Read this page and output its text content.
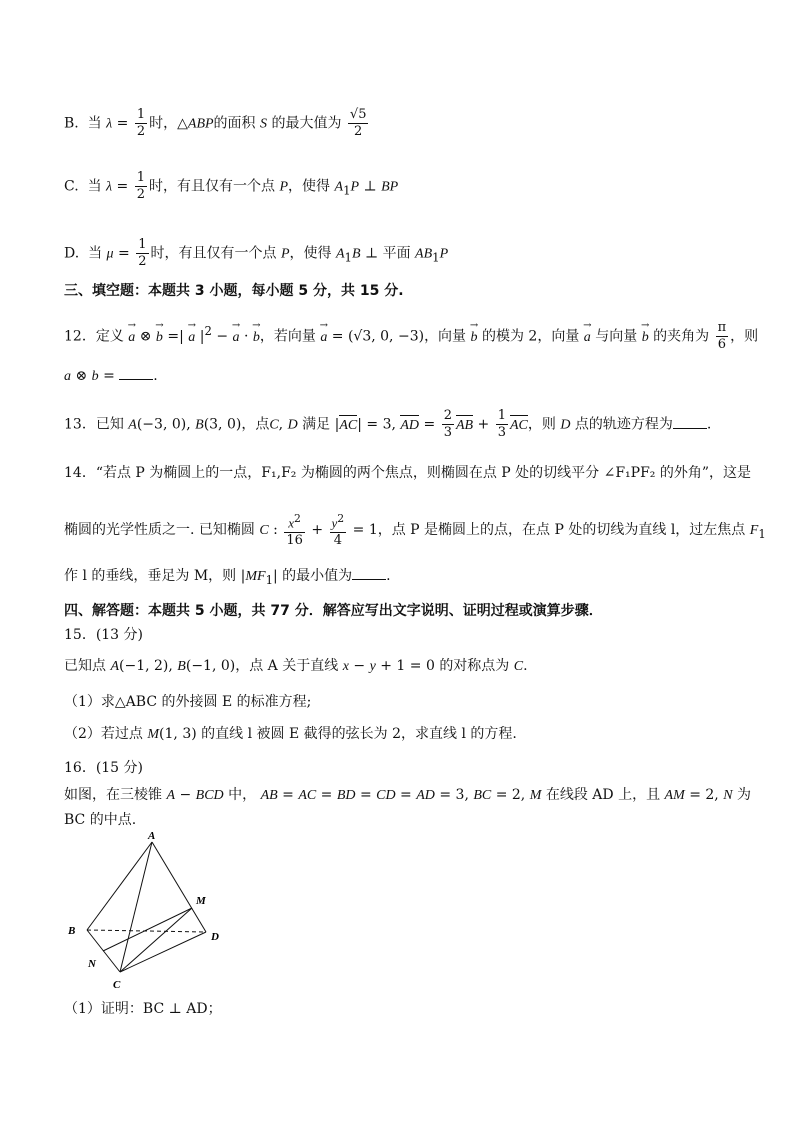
B. 当 $\lambda = \frac{1}{2}$ 时，△ABP的面积 S 的最大值为 $\frac{√5}{2}$
C. 当 $\lambda = \frac{1}{2}$ 时，有且仅有一个点 P，使得 $A_1P$ ⊥ BP
D. 当 $\mu = \frac{1}{2}$ 时，有且仅有一个点 P，使得 $A_1B$ ⊥ 平面 $AB_1P$
三、填空题：本题共 3 小题，每小题 5 分，共 15 分.
12．定义 → a ⊗ → b =| → a $|^2$ − → a · → b，若向量 → a = (√3, 0, −3)，向量 → b 的模为 2，向量 → a 与向量 → b 的夹角为 $\frac{\pi}{6}$ ，则
a ⊗ b = .
13．已知 A(−3, 0), B(3, 0)，点C, D 满足 |AC| = 3, AD = $\frac{2}{3}$ AB + $\frac{1}{3}$ AC，则 D 点的轨迹方程为 .
14．“若点 P 为椭圆上的一点，F₁,F₂ 为椭圆的两个焦点，则椭圆在点 P 处的切线平分 ∠F₁PF₂ 的外角”，这是
椭圆的光学性质之一. 已知椭圆 C : $\frac{x^2}{16} + \frac{y^2}{4} = 1$，点 P 是椭圆上的点，在点 P 处的切线为直线 l，过左焦点 $F_1$
作 l 的垂线，垂足为 M，则 $|MF_1|$ 的最小值为 .
四、解答题：本题共 5 小题，共 77 分．解答应写出文字说明、证明过程或演算步骤．
15．(13 分)
已知点 A(−1, 2), B(−1, 0)，点 A 关于直线 x − y + 1 = 0 的对称点为 C.
（1）求△ABC 的外接圆 E 的标准方程;
（2）若过点 M(1, 3) 的直线 l 被圆 E 截得的弦长为 2，求直线 l 的方程.
16．(15 分)
如图，在三棱锥 A − BCD 中， AB = AC = BD = CD = AD = 3, BC = 2, M 在线段 AD 上，且 AM = 2, N 为
BC 的中点.
A
M
B	D
N
C
（1）证明：BC ⊥ AD；
